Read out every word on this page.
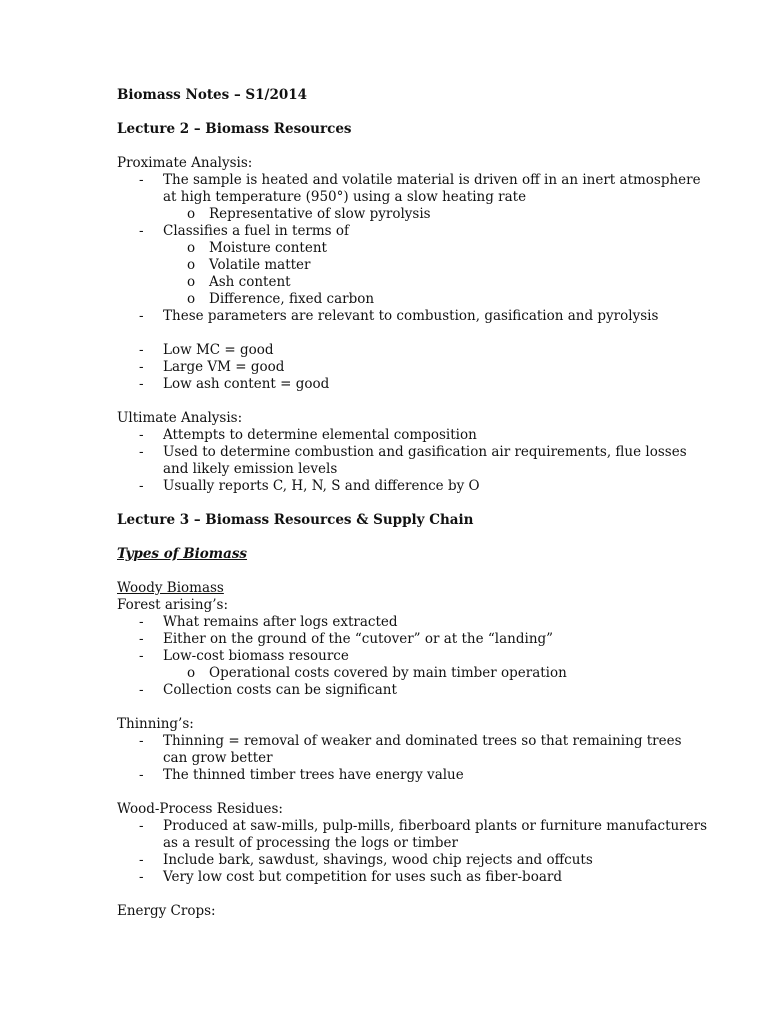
Biomass Notes – S1/2014

Lecture 2 – Biomass Resources

Proximate Analysis:

- The sample is heated and volatile material is driven off in an inert atmosphere at high temperature (950°) using a slow heating rate
o Representative of slow pyrolysis
- Classifies a fuel in terms of
o Moisture content
o Volatile matter
o Ash content
o Difference, fixed carbon
- These parameters are relevant to combustion, gasification and pyrolysis
- Low MC = good
- Large VM = good
- Low ash content = good

Ultimate Analysis:

- Attempts to determine elemental composition
- Used to determine combustion and gasification air requirements, flue losses and likely emission levels
- Usually reports C, H, N, S and difference by O

Lecture 3 – Biomass Resources & Supply Chain

Types of Biomass

Woody Biomass

Forest arising’s:

- What remains after logs extracted
- Either on the ground of the “cutover” or at the “landing”
- Low-cost biomass resource
o Operational costs covered by main timber operation
- Collection costs can be significant

Thinning’s:

- Thinning = removal of weaker and dominated trees so that remaining trees can grow better
- The thinned timber trees have energy value

Wood-Process Residues:

- Produced at saw-mills, pulp-mills, fiberboard plants or furniture manufacturers as a result of processing the logs or timber
- Include bark, sawdust, shavings, wood chip rejects and offcuts
- Very low cost but competition for uses such as fiber-board

Energy Crops:
